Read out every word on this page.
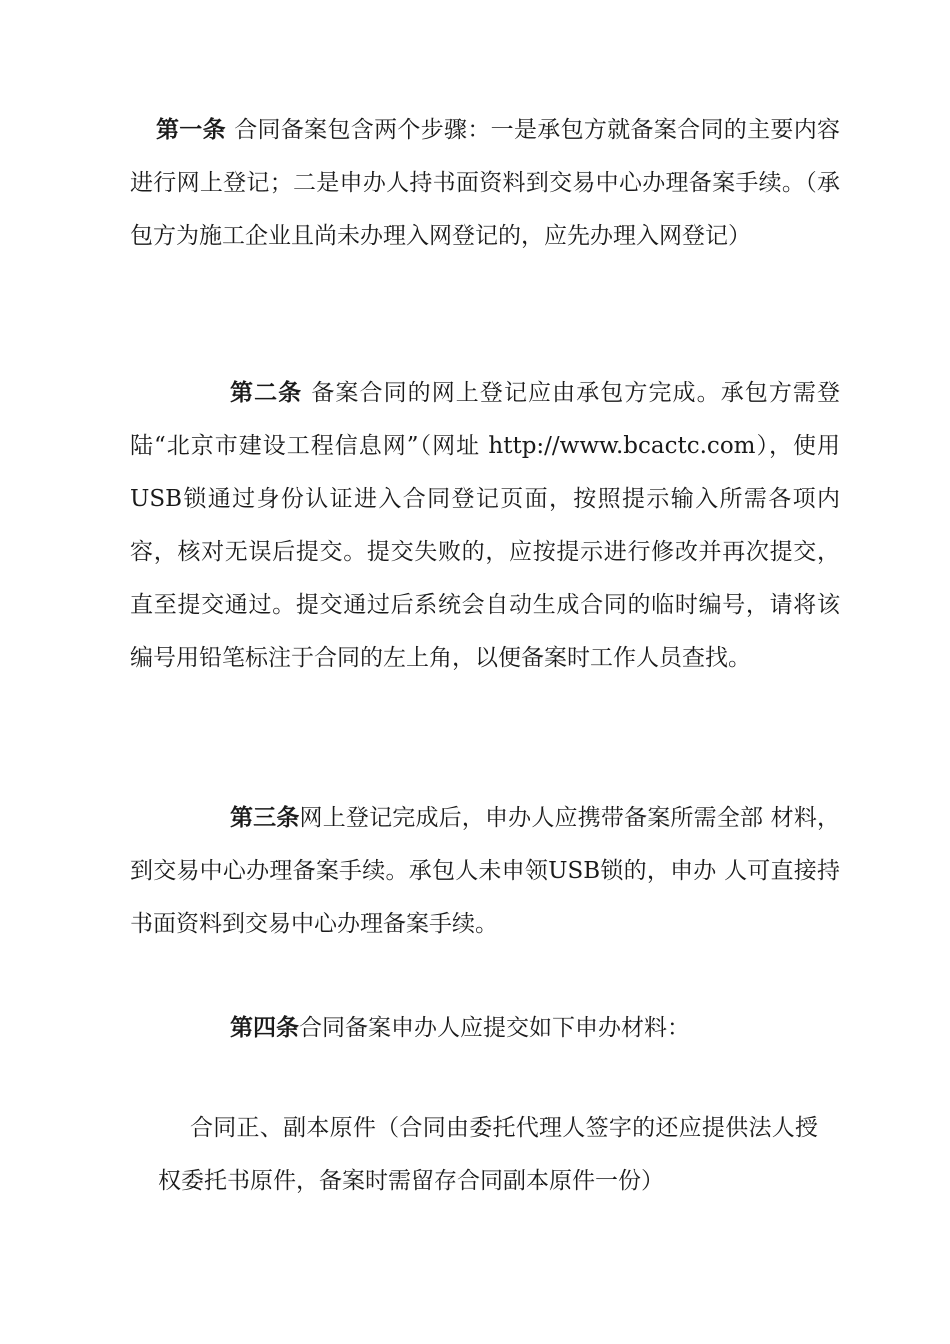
第一条 合同备案包含两个步骤：一是承包方就备案合同的主要内容进行网上登记；二是申办人持书面资料到交易中心办理备案手续。（承包方为施工企业且尚未办理入网登记的，应先办理入网登记）

第二条 备案合同的网上登记应由承包方完成。承包方需登陆“北京市建设工程信息网”（网址 http://www.bcactc.com），使用USB锁通过身份认证进入合同登记页面，按照提示输入所需各项内容，核对无误后提交。提交失败的，应按提示进行修改并再次提交，直至提交通过。提交通过后系统会自动生成合同的临时编号，请将该编号用铅笔标注于合同的左上角，以便备案时工作人员查找。

第三条网上登记完成后，申办人应携带备案所需全部 材料，到交易中心办理备案手续。承包人未申领USB锁的，申办 人可直接持书面资料到交易中心办理备案手续。

第四条合同备案申办人应提交如下申办材料：

合同正、副本原件（合同由委托代理人签字的还应提供法人授权委托书原件，备案时需留存合同副本原件一份）
